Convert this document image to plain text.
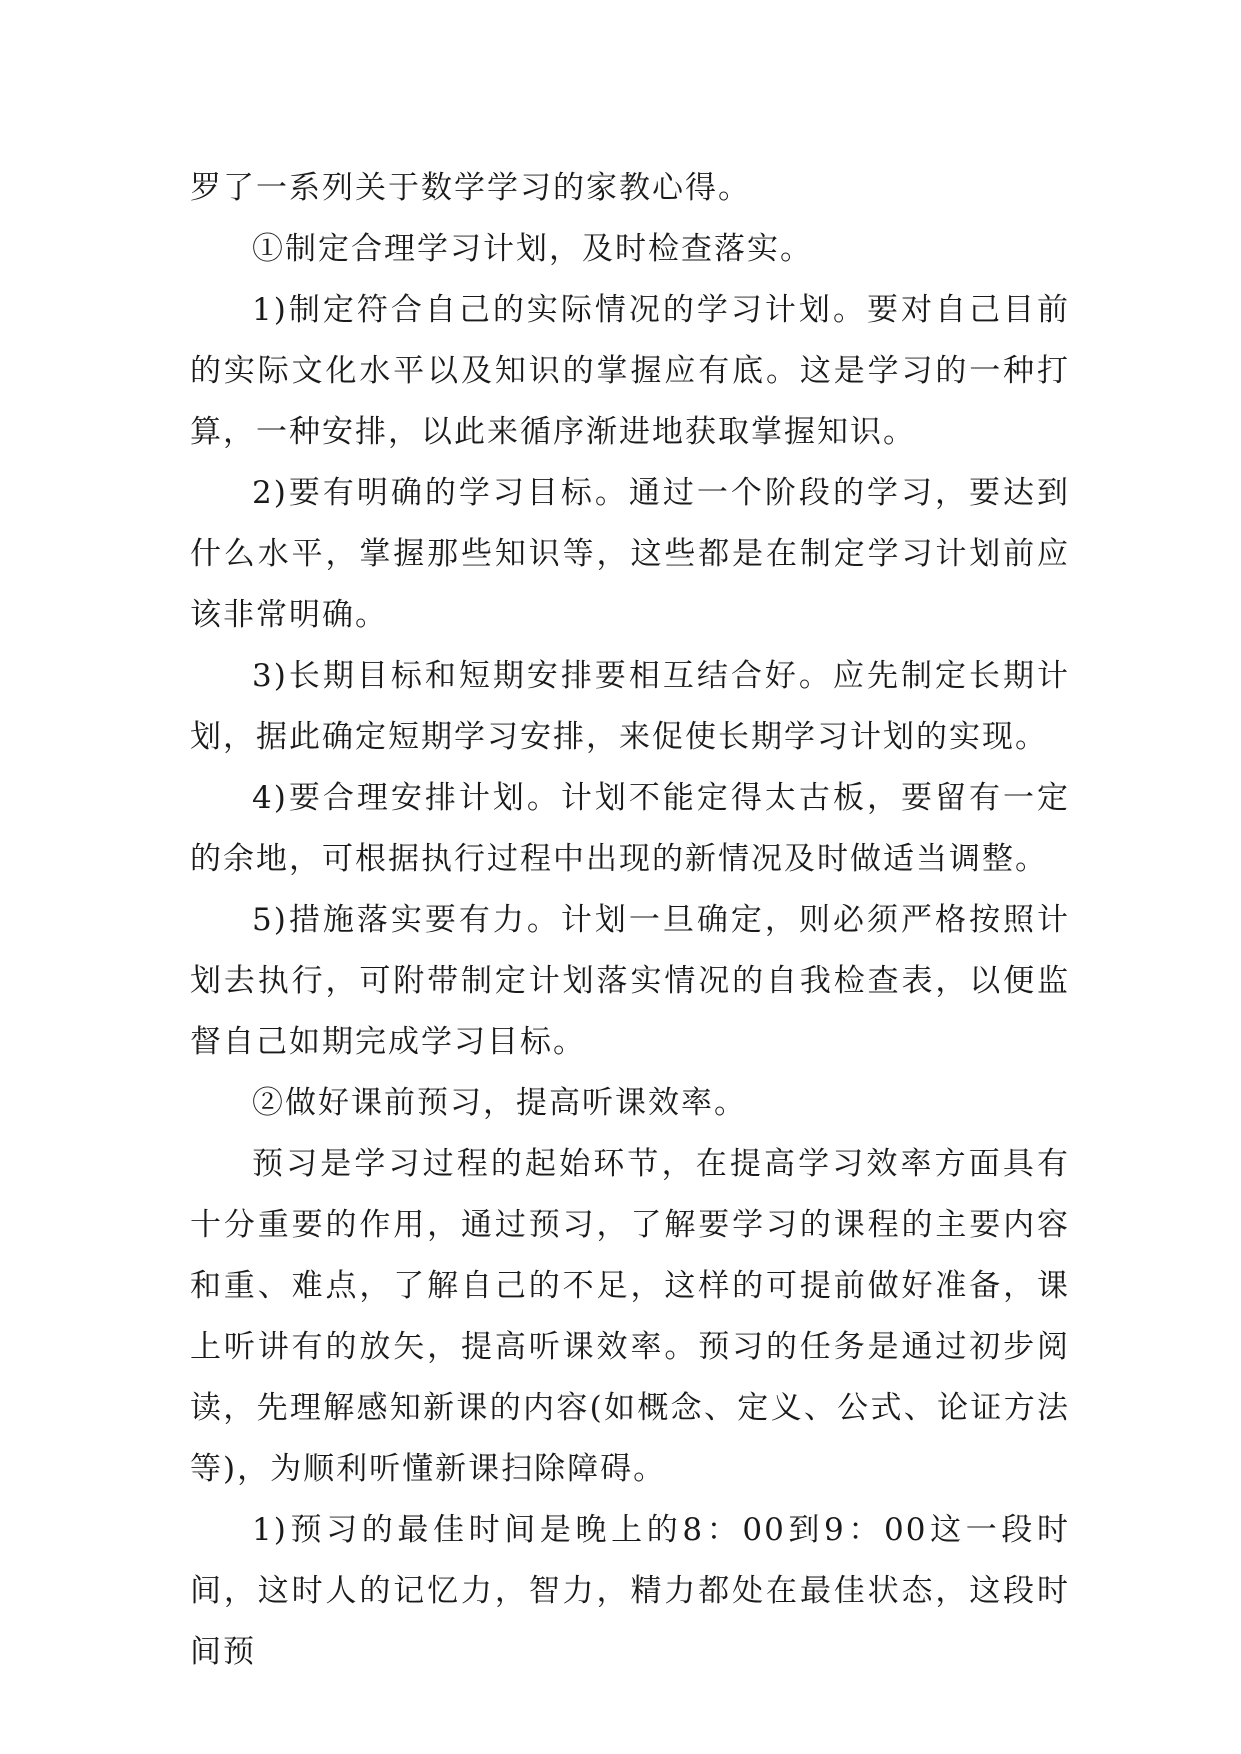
罗了一系列关于数学学习的家教心得。

①制定合理学习计划，及时检查落实。

1)制定符合自己的实际情况的学习计划。要对自己目前的实际文化水平以及知识的掌握应有底。这是学习的一种打算，一种安排，以此来循序渐进地获取掌握知识。

2)要有明确的学习目标。通过一个阶段的学习，要达到什么水平，掌握那些知识等，这些都是在制定学习计划前应该非常明确。

3)长期目标和短期安排要相互结合好。应先制定长期计划，据此确定短期学习安排，来促使长期学习计划的实现。

4)要合理安排计划。计划不能定得太古板，要留有一定的余地，可根据执行过程中出现的新情况及时做适当调整。

5)措施落实要有力。计划一旦确定，则必须严格按照计划去执行，可附带制定计划落实情况的自我检查表，以便监督自己如期完成学习目标。

②做好课前预习，提高听课效率。

预习是学习过程的起始环节，在提高学习效率方面具有十分重要的作用，通过预习，了解要学习的课程的主要内容和重、难点，了解自己的不足，这样的可提前做好准备，课上听讲有的放矢，提高听课效率。预习的任务是通过初步阅读，先理解感知新课的内容(如概念、定义、公式、论证方法等)，为顺利听懂新课扫除障碍。

1)预习的最佳时间是晚上的8：00到9：00这一段时间，这时人的记忆力，智力，精力都处在最佳状态，这段时间预
